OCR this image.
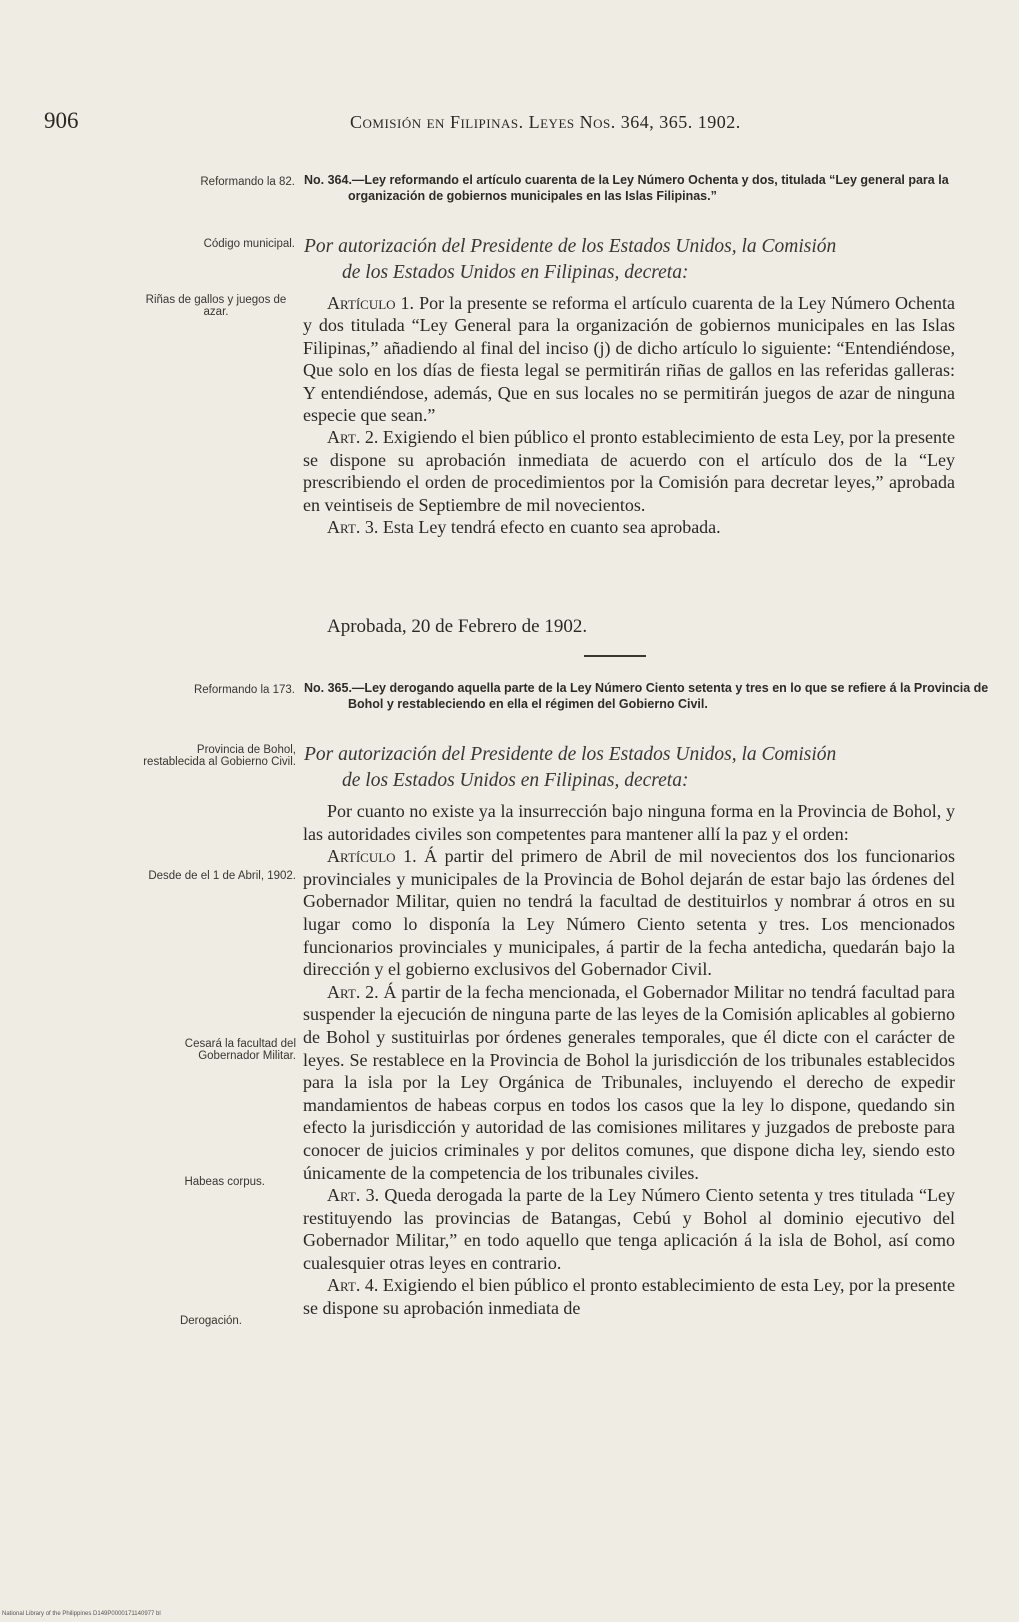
906	Comisión en Filipinas. Leyes Nos. 364, 365. 1902.
Reformando la 82.
Código municipal.
Riñas de gallos y juegos de azar.
No. 364.—Ley reformando el artículo cuarenta de la Ley Número Ochenta y dos, titulada “Ley general para la organización de gobiernos municipales en las Islas Filipinas.”
Por autorización del Presidente de los Estados Unidos, la Comisión
de los Estados Unidos en Filipinas, decreta:

Artículo 1. Por la presente se reforma el artículo cuarenta de la Ley Número Ochenta y dos titulada “Ley General para la organización de gobiernos municipales en las Islas Filipinas,” añadiendo al final del inciso (j) de dicho artículo lo siguiente: “Entendiéndose, Que solo en los días de fiesta legal se permitirán riñas de gallos en las referidas galleras: Y entendiéndose, además, Que en sus locales no se permitirán juegos de azar de ninguna especie que sean.”

Art. 2. Exigiendo el bien público el pronto establecimiento de esta Ley, por la presente se dispone su aprobación inmediata de acuerdo con el artículo dos de la “Ley prescribiendo el orden de procedimientos por la Comisión para decretar leyes,” aprobada en veintiseis de Septiembre de mil novecientos.

Art. 3. Esta Ley tendrá efecto en cuanto sea aprobada.

Aprobada, 20 de Febrero de 1902.
Reformando la 173.
Provincia de Bohol, restablecida al Gobierno Civil.
Desde de el 1 de Abril, 1902.
Cesará la facultad del Gobernador Militar.
Habeas corpus.
Derogación.
No. 365.—Ley derogando aquella parte de la Ley Número Ciento setenta y tres en lo que se refiere á la Provincia de Bohol y restableciendo en ella el régimen del Gobierno Civil.
Por autorización del Presidente de los Estados Unidos, la Comisión
de los Estados Unidos en Filipinas, decreta:

Por cuanto no existe ya la insurrección bajo ninguna forma en la Provincia de Bohol, y las autoridades civiles son competentes para mantener allí la paz y el orden:

Artículo 1. Á partir del primero de Abril de mil novecientos dos los funcionarios provinciales y municipales de la Provincia de Bohol dejarán de estar bajo las órdenes del Gobernador Militar, quien no tendrá la facultad de destituirlos y nombrar á otros en su lugar como lo disponía la Ley Número Ciento setenta y tres. Los mencionados funcionarios provinciales y municipales, á partir de la fecha antedicha, quedarán bajo la dirección y el gobierno exclusivos del Gobernador Civil.

Art. 2. Á partir de la fecha mencionada, el Gobernador Militar no tendrá facultad para suspender la ejecución de ninguna parte de las leyes de la Comisión aplicables al gobierno de Bohol y sustituirlas por órdenes generales temporales, que él dicte con el carácter de leyes. Se restablece en la Provincia de Bohol la jurisdicción de los tribunales establecidos para la isla por la Ley Orgánica de Tribunales, incluyendo el derecho de expedir mandamientos de habeas corpus en todos los casos que la ley lo dispone, quedando sin efecto la jurisdicción y autoridad de las comisiones militares y juzgados de preboste para conocer de juicios criminales y por delitos comunes, que dispone dicha ley, siendo esto únicamente de la competencia de los tribunales civiles.

Art. 3. Queda derogada la parte de la Ley Número Ciento setenta y tres titulada “Ley restituyendo las provincias de Batangas, Cebú y Bohol al dominio ejecutivo del Gobernador Militar,” en todo aquello que tenga aplicación á la isla de Bohol, así como cualesquier otras leyes en contrario.

Art. 4. Exigiendo el bien público el pronto establecimiento de esta Ley, por la presente se dispone su aprobación inmediata de

National Library of the Philippines D149P0000171140977 bl
